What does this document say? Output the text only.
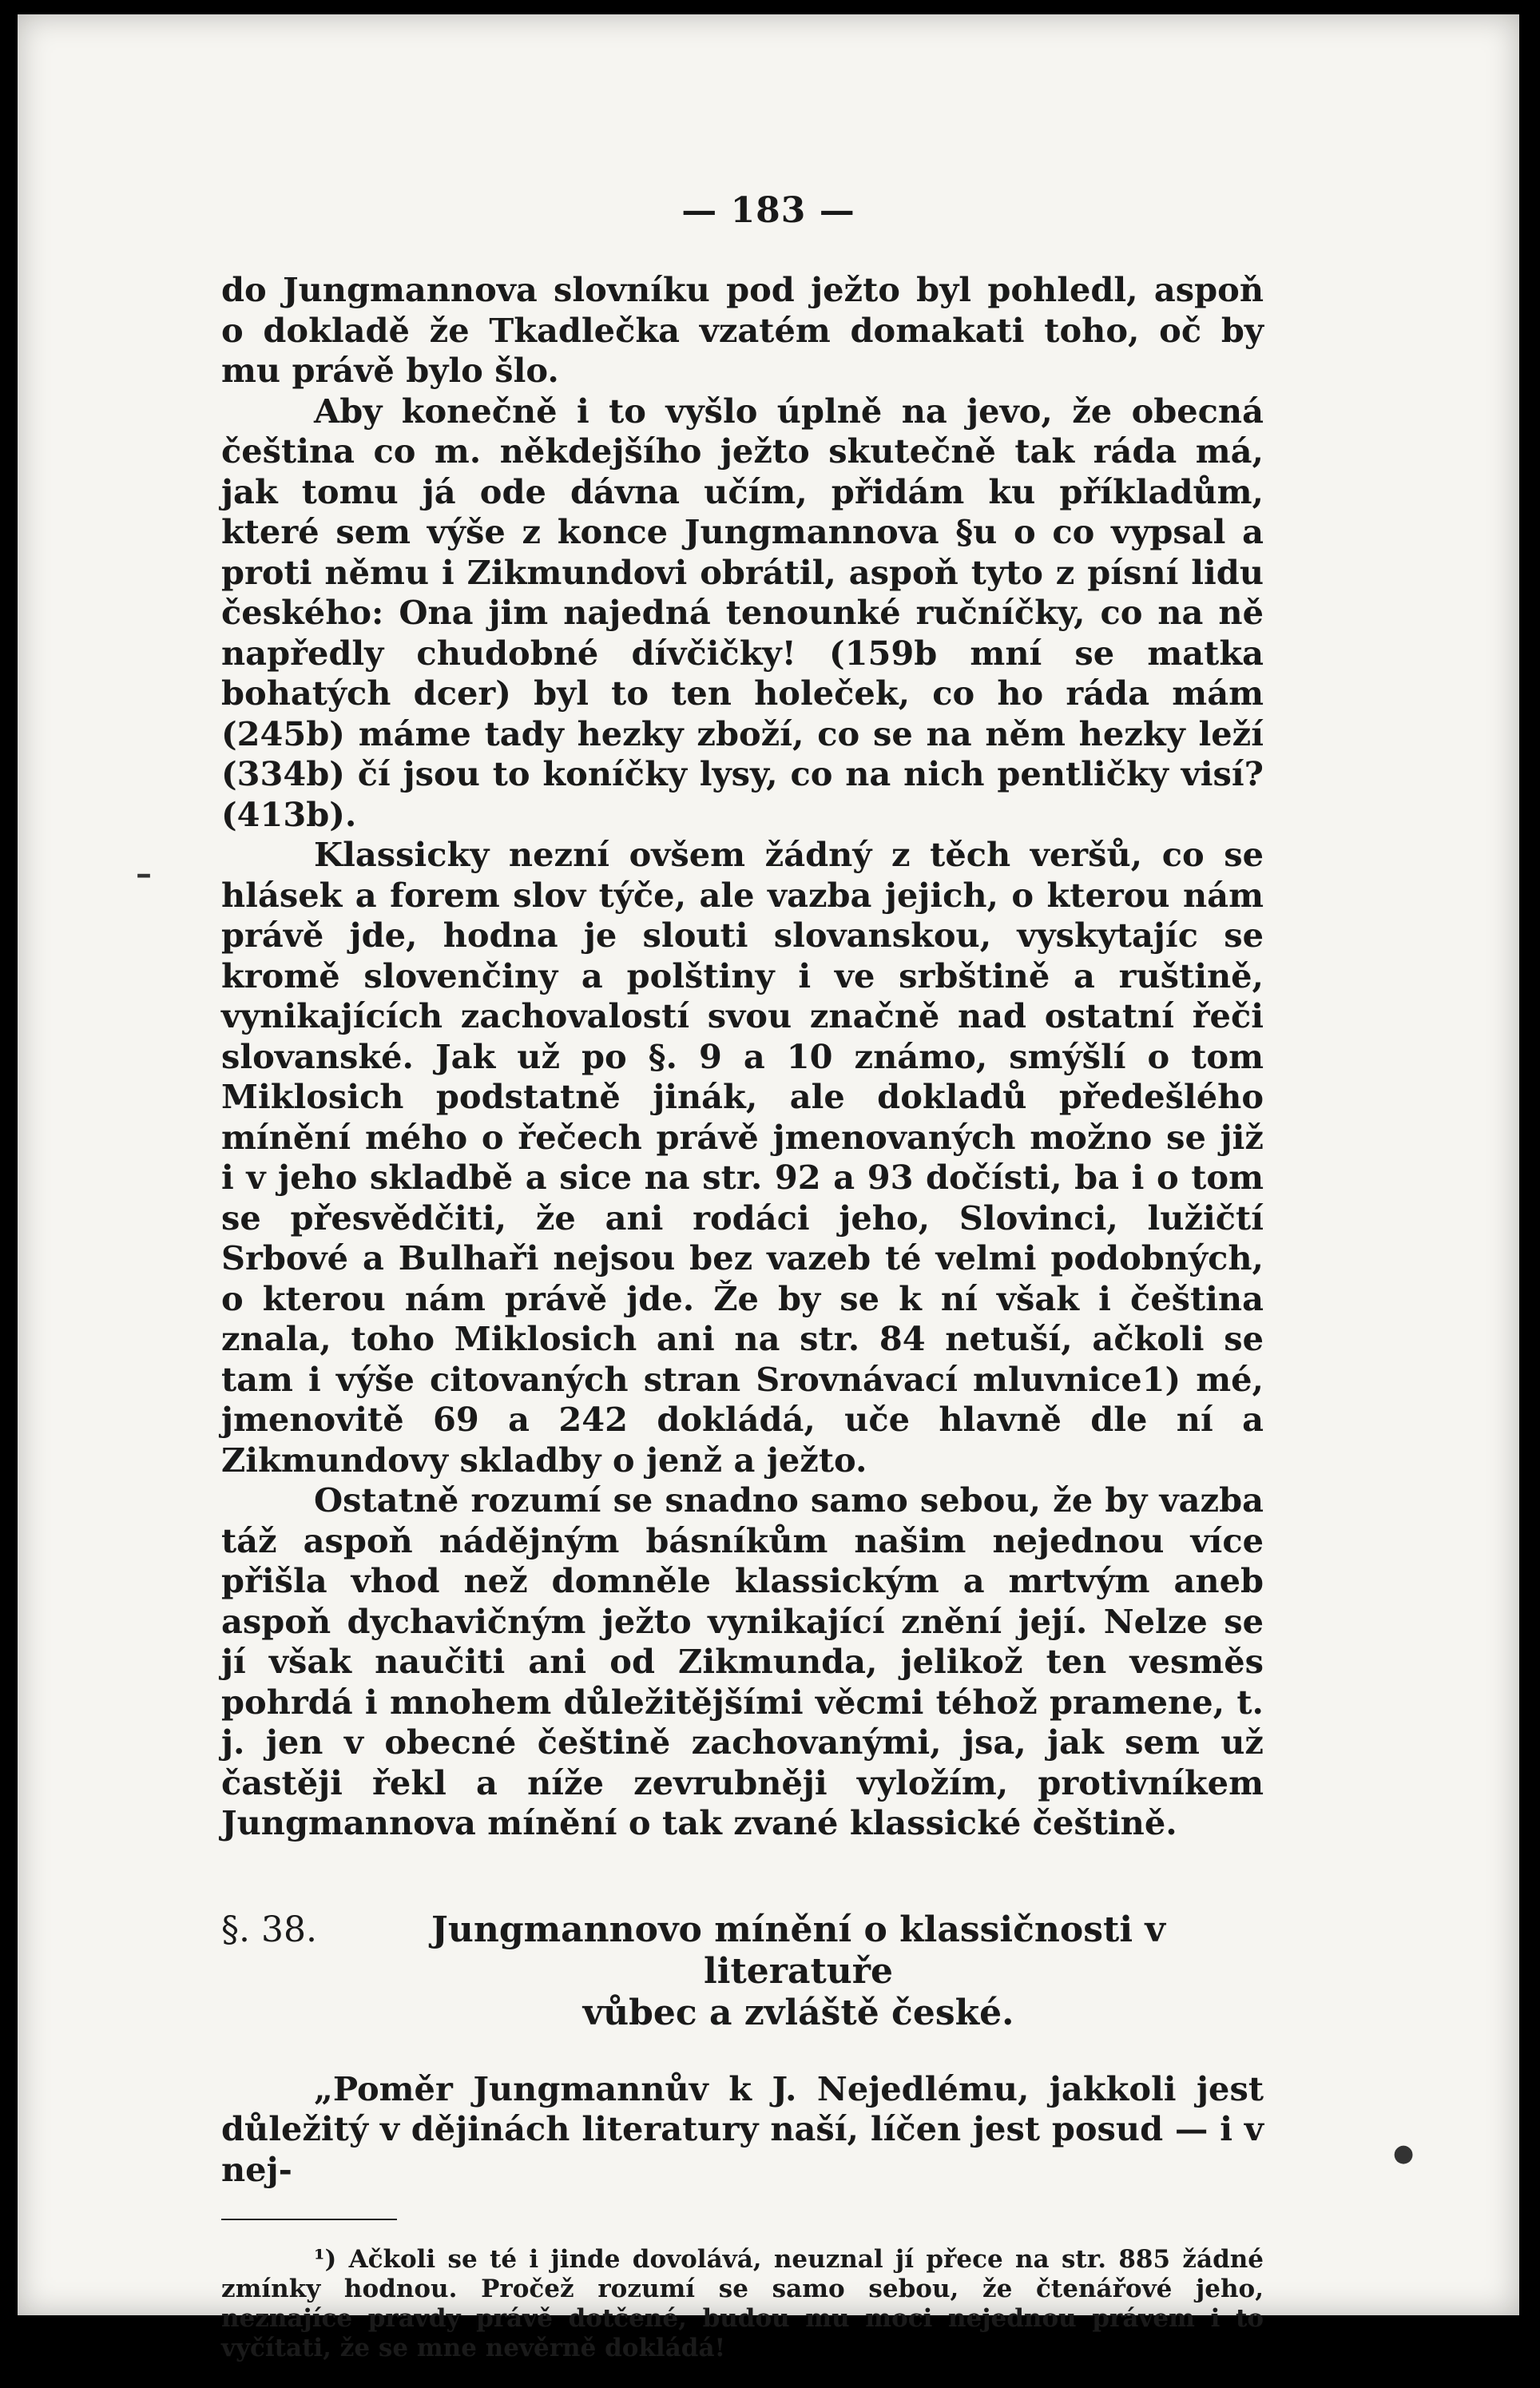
— 183 —

do Jungmannova slovníku pod ježto byl pohledl, aspoň o dokladě že Tkadlečka vzatém domakati toho, oč by mu právě bylo šlo.

Aby konečně i to vyšlo úplně na jevo, že obecná čeština co m. někdejšího ježto skutečně tak ráda má, jak tomu já ode dávna učím, přidám ku příkladům, které sem výše z konce Jungmannova §u o co vypsal a proti němu i Zikmundovi obrátil, aspoň tyto z písní lidu českého: Ona jim najedná tenounké ručníčky, co na ně napředly chudobné dívčičky! (159b mní se matka bohatých dcer) byl to ten holeček, co ho ráda mám (245b) máme tady hezky zboží, co se na něm hezky leží (334b) čí jsou to koníčky lysy, co na nich pentličky visí? (413b).

Klassicky nezní ovšem žádný z těch veršů, co se hlásek a forem slov týče, ale vazba jejich, o kterou nám právě jde, hodna je slouti slovanskou, vyskytajíc se kromě slovenčiny a polštiny i ve srbštině a ruštině, vynikajících zachovalostí svou značně nad ostatní řeči slovanské. Jak už po §. 9 a 10 známo, smýšlí o tom Miklosich podstatně jinák, ale dokladů předešlého mínění mého o řečech právě jmenovaných možno se již i v jeho skladbě a sice na str. 92 a 93 dočísti, ba i o tom se přesvědčiti, že ani rodáci jeho, Slovinci, lužičtí Srbové a Bulhaři nejsou bez vazeb té velmi podobných, o kterou nám právě jde. Že by se k ní však i čeština znala, toho Miklosich ani na str. 84 netuší, ačkoli se tam i výše citovaných stran Srovnávací mluvnice1) mé, jmenovitě 69 a 242 dokládá, uče hlavně dle ní a Zikmundovy skladby o jenž a ježto.

Ostatně rozumí se snadno samo sebou, že by vazba táž aspoň nádějným básníkům našim nejednou více přišla vhod než domněle klassickým a mrtvým aneb aspoň dychavičným ježto vynikající znění její. Nelze se jí však naučiti ani od Zikmunda, jelikož ten vesměs pohrdá i mnohem důležitějšími věcmi téhož pramene, t. j. jen v obecné češtině zachovanými, jsa, jak sem už častěji řekl a níže zevrubněji vyložím, protivníkem Jungmannova mínění o tak zvané klassické češtině.

§. 38.	Jungmannovo mínění o klassičnosti v literatuře
vůbec a zvláště české.

„Poměr Jungmannův k J. Nejedlému, jakkoli jest důležitý v dějinách literatury naší, líčen jest posud — i v nej-

¹) Ačkoli se té i jinde dovolává, neuznal jí přece na str. 885 žádné zmínky hodnou. Pročež rozumí se samo sebou, že čtenářové jeho, neznajíce pravdy právě dotčené, budou mu moci nejednou právem i to vyčítati, že se mne nevěrně dokládá!

–
●
